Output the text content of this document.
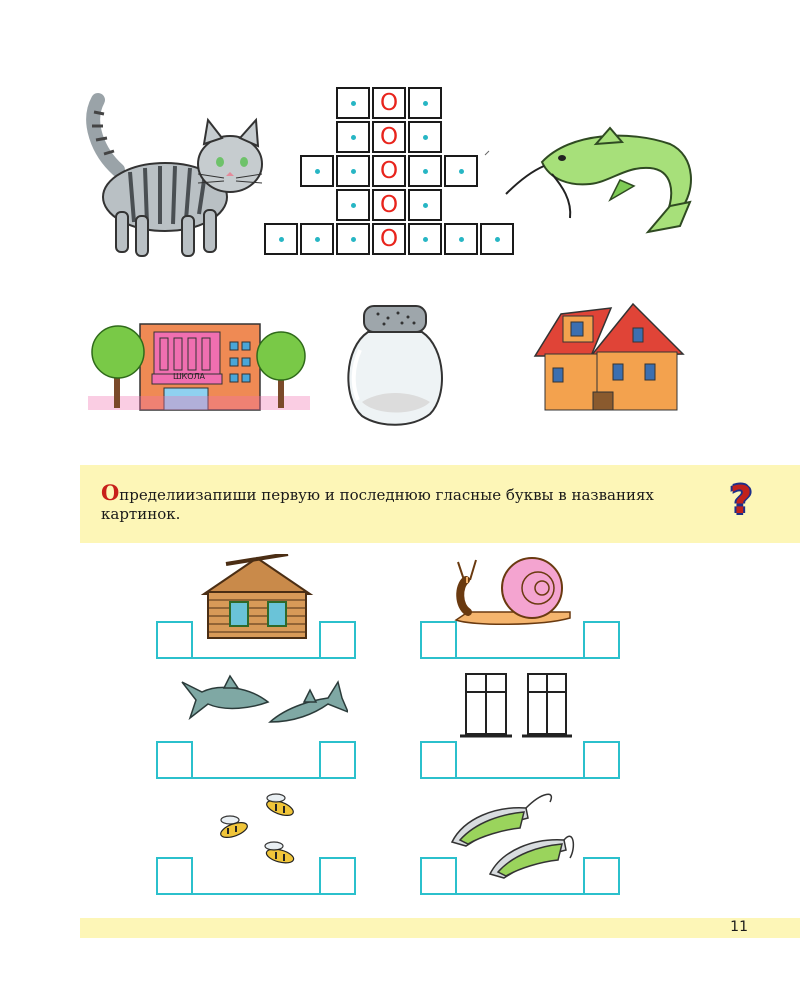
О
О
О
О
О
ШКОЛА
Определиизапиши первую и последнюю гласные буквы в названиях
картинок.	?
11
